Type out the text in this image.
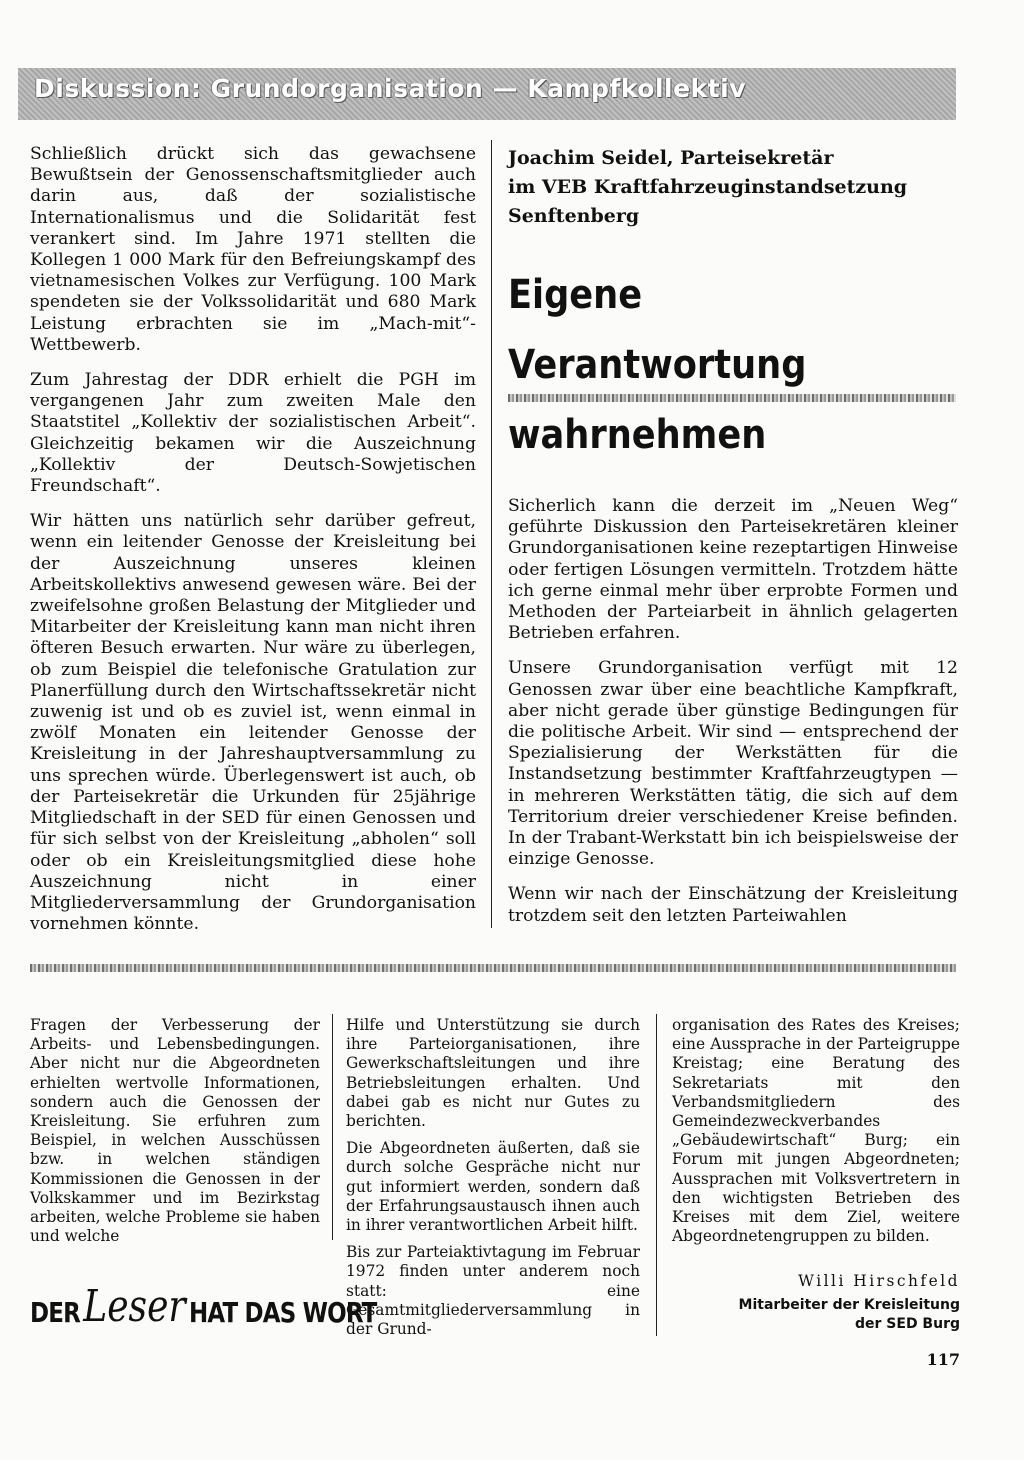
Diskussion: Grundorganisation — Kampfkollektiv

Schließlich drückt sich das gewachsene Bewußtsein der Genossenschaftsmitglieder auch darin aus, daß der sozialistische Internationalismus und die Solidarität fest verankert sind. Im Jahre 1971 stellten die Kollegen 1 000 Mark für den Befreiungskampf des vietnamesischen Volkes zur Verfügung. 100 Mark spendeten sie der Volkssolidarität und 680 Mark Leistung erbrachten sie im „Mach-mit“-Wettbewerb.

Zum Jahrestag der DDR erhielt die PGH im vergangenen Jahr zum zweiten Male den Staatstitel „Kollektiv der sozialistischen Arbeit“. Gleichzeitig bekamen wir die Auszeichnung „Kollektiv der Deutsch-Sowjetischen Freundschaft“.

Wir hätten uns natürlich sehr darüber gefreut, wenn ein leitender Genosse der Kreisleitung bei der Auszeichnung unseres kleinen Arbeitskollektivs anwesend gewesen wäre. Bei der zweifelsohne großen Belastung der Mitglieder und Mitarbeiter der Kreisleitung kann man nicht ihren öfteren Besuch erwarten. Nur wäre zu überlegen, ob zum Beispiel die telefonische Gratulation zur Planerfüllung durch den Wirtschaftssekretär nicht zuwenig ist und ob es zuviel ist, wenn einmal in zwölf Monaten ein leitender Genosse der Kreisleitung in der Jahreshauptversammlung zu uns sprechen würde. Überlegenswert ist auch, ob der Parteisekretär die Urkunden für 25jährige Mitgliedschaft in der SED für einen Genossen und für sich selbst von der Kreisleitung „abholen“ soll oder ob ein Kreisleitungsmitglied diese hohe Auszeichnung nicht in einer Mitgliederversammlung der Grundorganisation vornehmen könnte.

Joachim Seidel, Parteisekretär
im VEB Kraftfahrzeuginstandsetzung
Senftenberg
Eigene Verantwortung
wahrnehmen

Sicherlich kann die derzeit im „Neuen Weg“ geführte Diskussion den Parteisekretären kleiner Grundorganisationen keine rezeptartigen Hinweise oder fertigen Lösungen vermitteln. Trotzdem hätte ich gerne einmal mehr über erprobte Formen und Methoden der Parteiarbeit in ähnlich gelagerten Betrieben erfahren.

Unsere Grundorganisation verfügt mit 12 Genossen zwar über eine beachtliche Kampfkraft, aber nicht gerade über günstige Bedingungen für die politische Arbeit. Wir sind — entsprechend der Spezialisierung der Werkstätten für die Instandsetzung bestimmter Kraftfahrzeugtypen — in mehreren Werkstätten tätig, die sich auf dem Territorium dreier verschiedener Kreise befinden. In der Trabant-Werkstatt bin ich beispielsweise der einzige Genosse.

Wenn wir nach der Einschätzung der Kreisleitung trotzdem seit den letzten Parteiwahlen

Fragen der Verbesserung der Arbeits- und Lebensbedingungen. Aber nicht nur die Abgeordneten erhielten wertvolle Informationen, sondern auch die Genossen der Kreisleitung. Sie erfuhren zum Beispiel, in welchen Ausschüssen bzw. in welchen ständigen Kommissionen die Genossen in der Volkskammer und im Bezirkstag arbeiten, welche Probleme sie haben und welche

Hilfe und Unterstützung sie durch ihre Parteiorganisationen, ihre Gewerkschaftsleitungen und ihre Betriebsleitungen erhalten. Und dabei gab es nicht nur Gutes zu berichten.

Die Abgeordneten äußerten, daß sie durch solche Gespräche nicht nur gut informiert werden, sondern daß der Erfahrungsaustausch ihnen auch in ihrer verantwortlichen Arbeit hilft.

Bis zur Parteiaktivtagung im Februar 1972 finden unter anderem noch statt: eine Gesamtmitgliederversammlung in der Grund-

organisation des Rates des Kreises; eine Aussprache in der Parteigruppe Kreistag; eine Beratung des Sekretariats mit den Verbandsmitgliedern des Gemeindezweckverbandes „Gebäudewirtschaft“ Burg; ein Forum mit jungen Abgeordneten; Aussprachen mit Volksvertretern in den wichtigsten Betrieben des Kreises mit dem Ziel, weitere Abgeordnetengruppen zu bilden.

DER Leser HAT DAS WORT
Willi Hirschfeld
Mitarbeiter der Kreisleitung
der SED Burg
117
